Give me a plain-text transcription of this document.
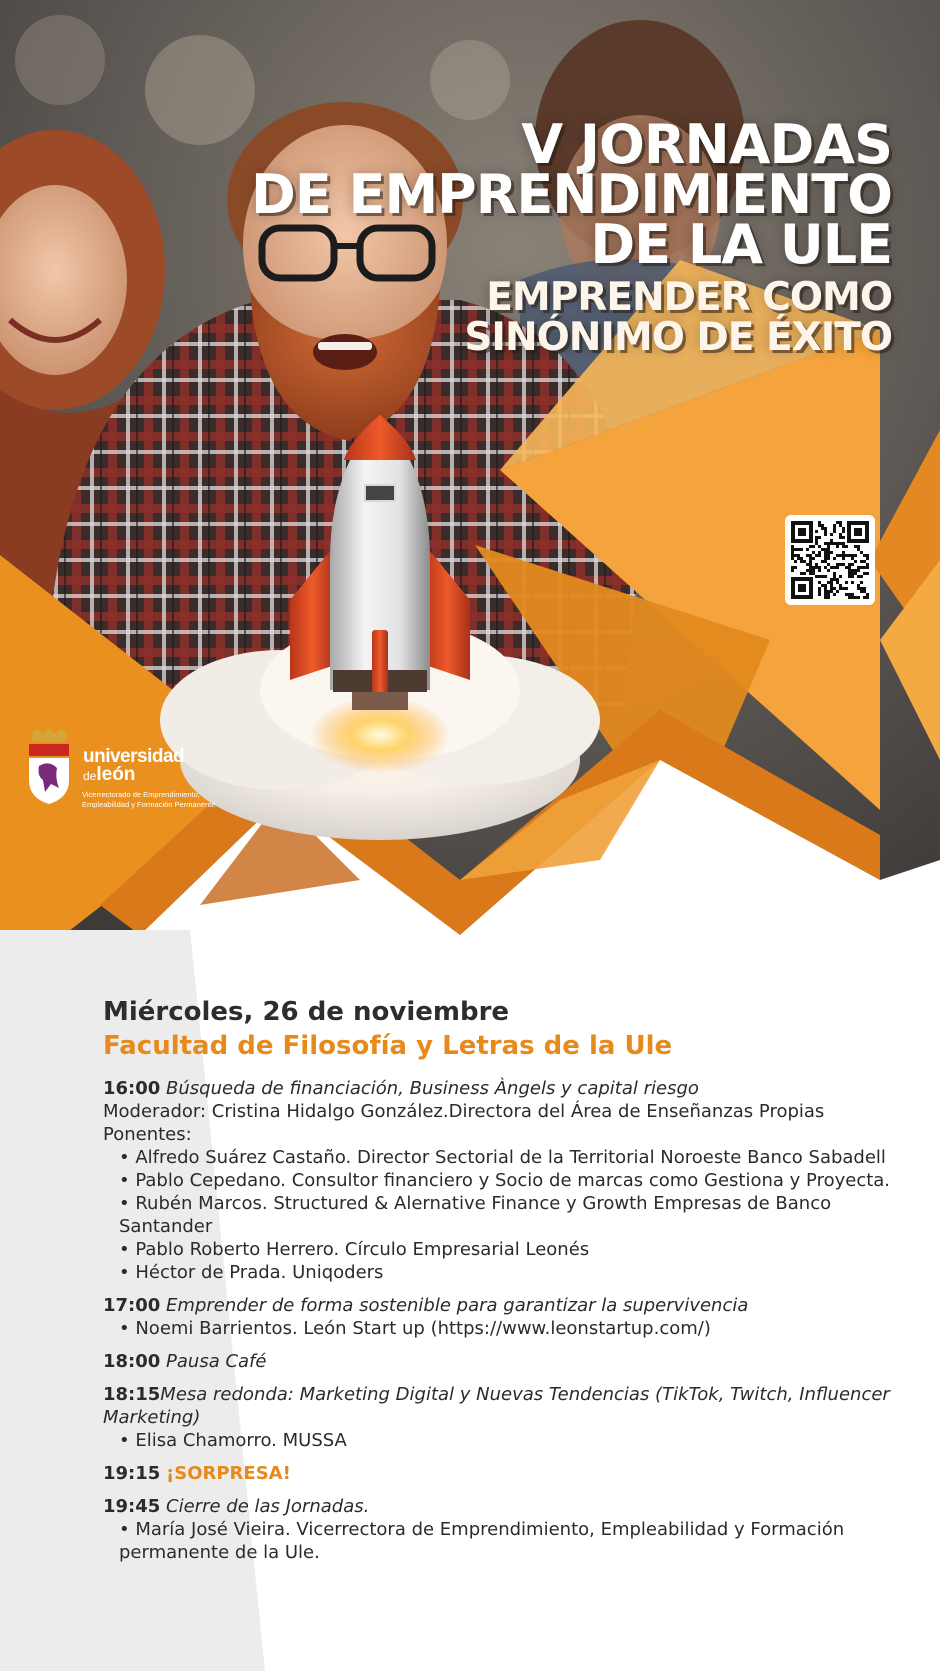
V JORNADAS
DE EMPRENDIMIENTO
DE LA ULE
EMPRENDER COMO
SINÓNIMO DE ÉXITO
universidad
deleón
Vicerrectorado de Emprendimiento,
Empleabilidad y Formación Permanente
Miércoles, 26 de noviembre
Facultad de Filosofía y Letras de la Ule
16:00 Búsqueda de financiación, Business Àngels y capital riesgo
Moderador: Cristina Hidalgo González.Directora del Área de Enseñanzas Propias
Ponentes:
• Alfredo Suárez Castaño. Director Sectorial de la Territorial Noroeste Banco Sabadell
• Pablo Cepedano. Consultor financiero y Socio de marcas como Gestiona y Proyecta.
• Rubén Marcos. Structured & Alernative Finance y Growth Empresas de Banco Santander
• Pablo Roberto Herrero. Círculo Empresarial Leonés
• Héctor de Prada. Uniqoders
17:00 Emprender de forma sostenible para garantizar la supervivencia
• Noemi Barrientos. León Start up (https://www.leonstartup.com/)
18:00 Pausa Café
18:15Mesa redonda: Marketing Digital y Nuevas Tendencias (TikTok, Twitch, Influencer Marketing)
• Elisa Chamorro. MUSSA
19:15 ¡SORPRESA!
19:45 Cierre de las Jornadas.
• María José Vieira. Vicerrectora de Emprendimiento, Empleabilidad y Formación permanente de la Ule.
